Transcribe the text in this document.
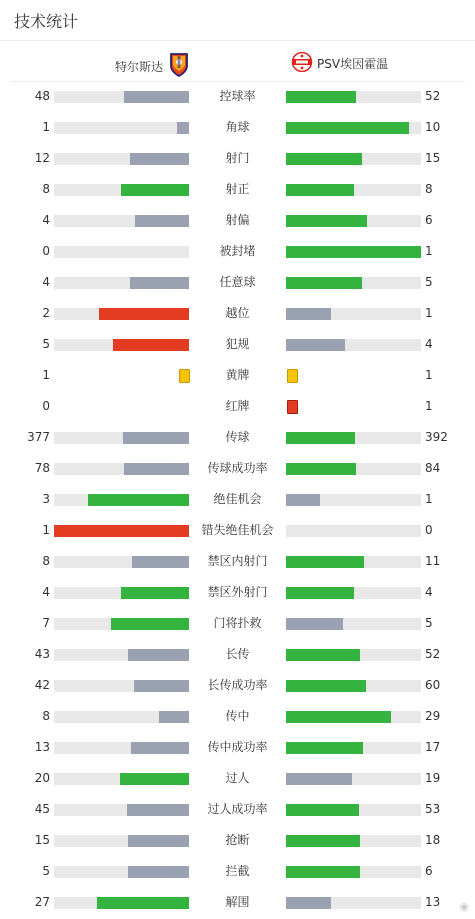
技术统计
特尔斯达	PSV埃因霍温
48	控球率	52
1	角球	10
12	射门	15
8	射正	8
4	射偏	6
0	被封堵	1
4	任意球	5
2	越位	1
5	犯规	4
1	黄牌	1
0	红牌	1
377	传球	392
78	传球成功率	84
3	绝佳机会	1
1	错失绝佳机会	0
8	禁区内射门	11
4	禁区外射门	4
7	门将扑救	5
43	长传	52
42	长传成功率	60
8	传中	29
13	传中成功率	17
20	过人	19
45	过人成功率	53
15	抢断	18
5	拦截	6
27	解围	13 ◉
